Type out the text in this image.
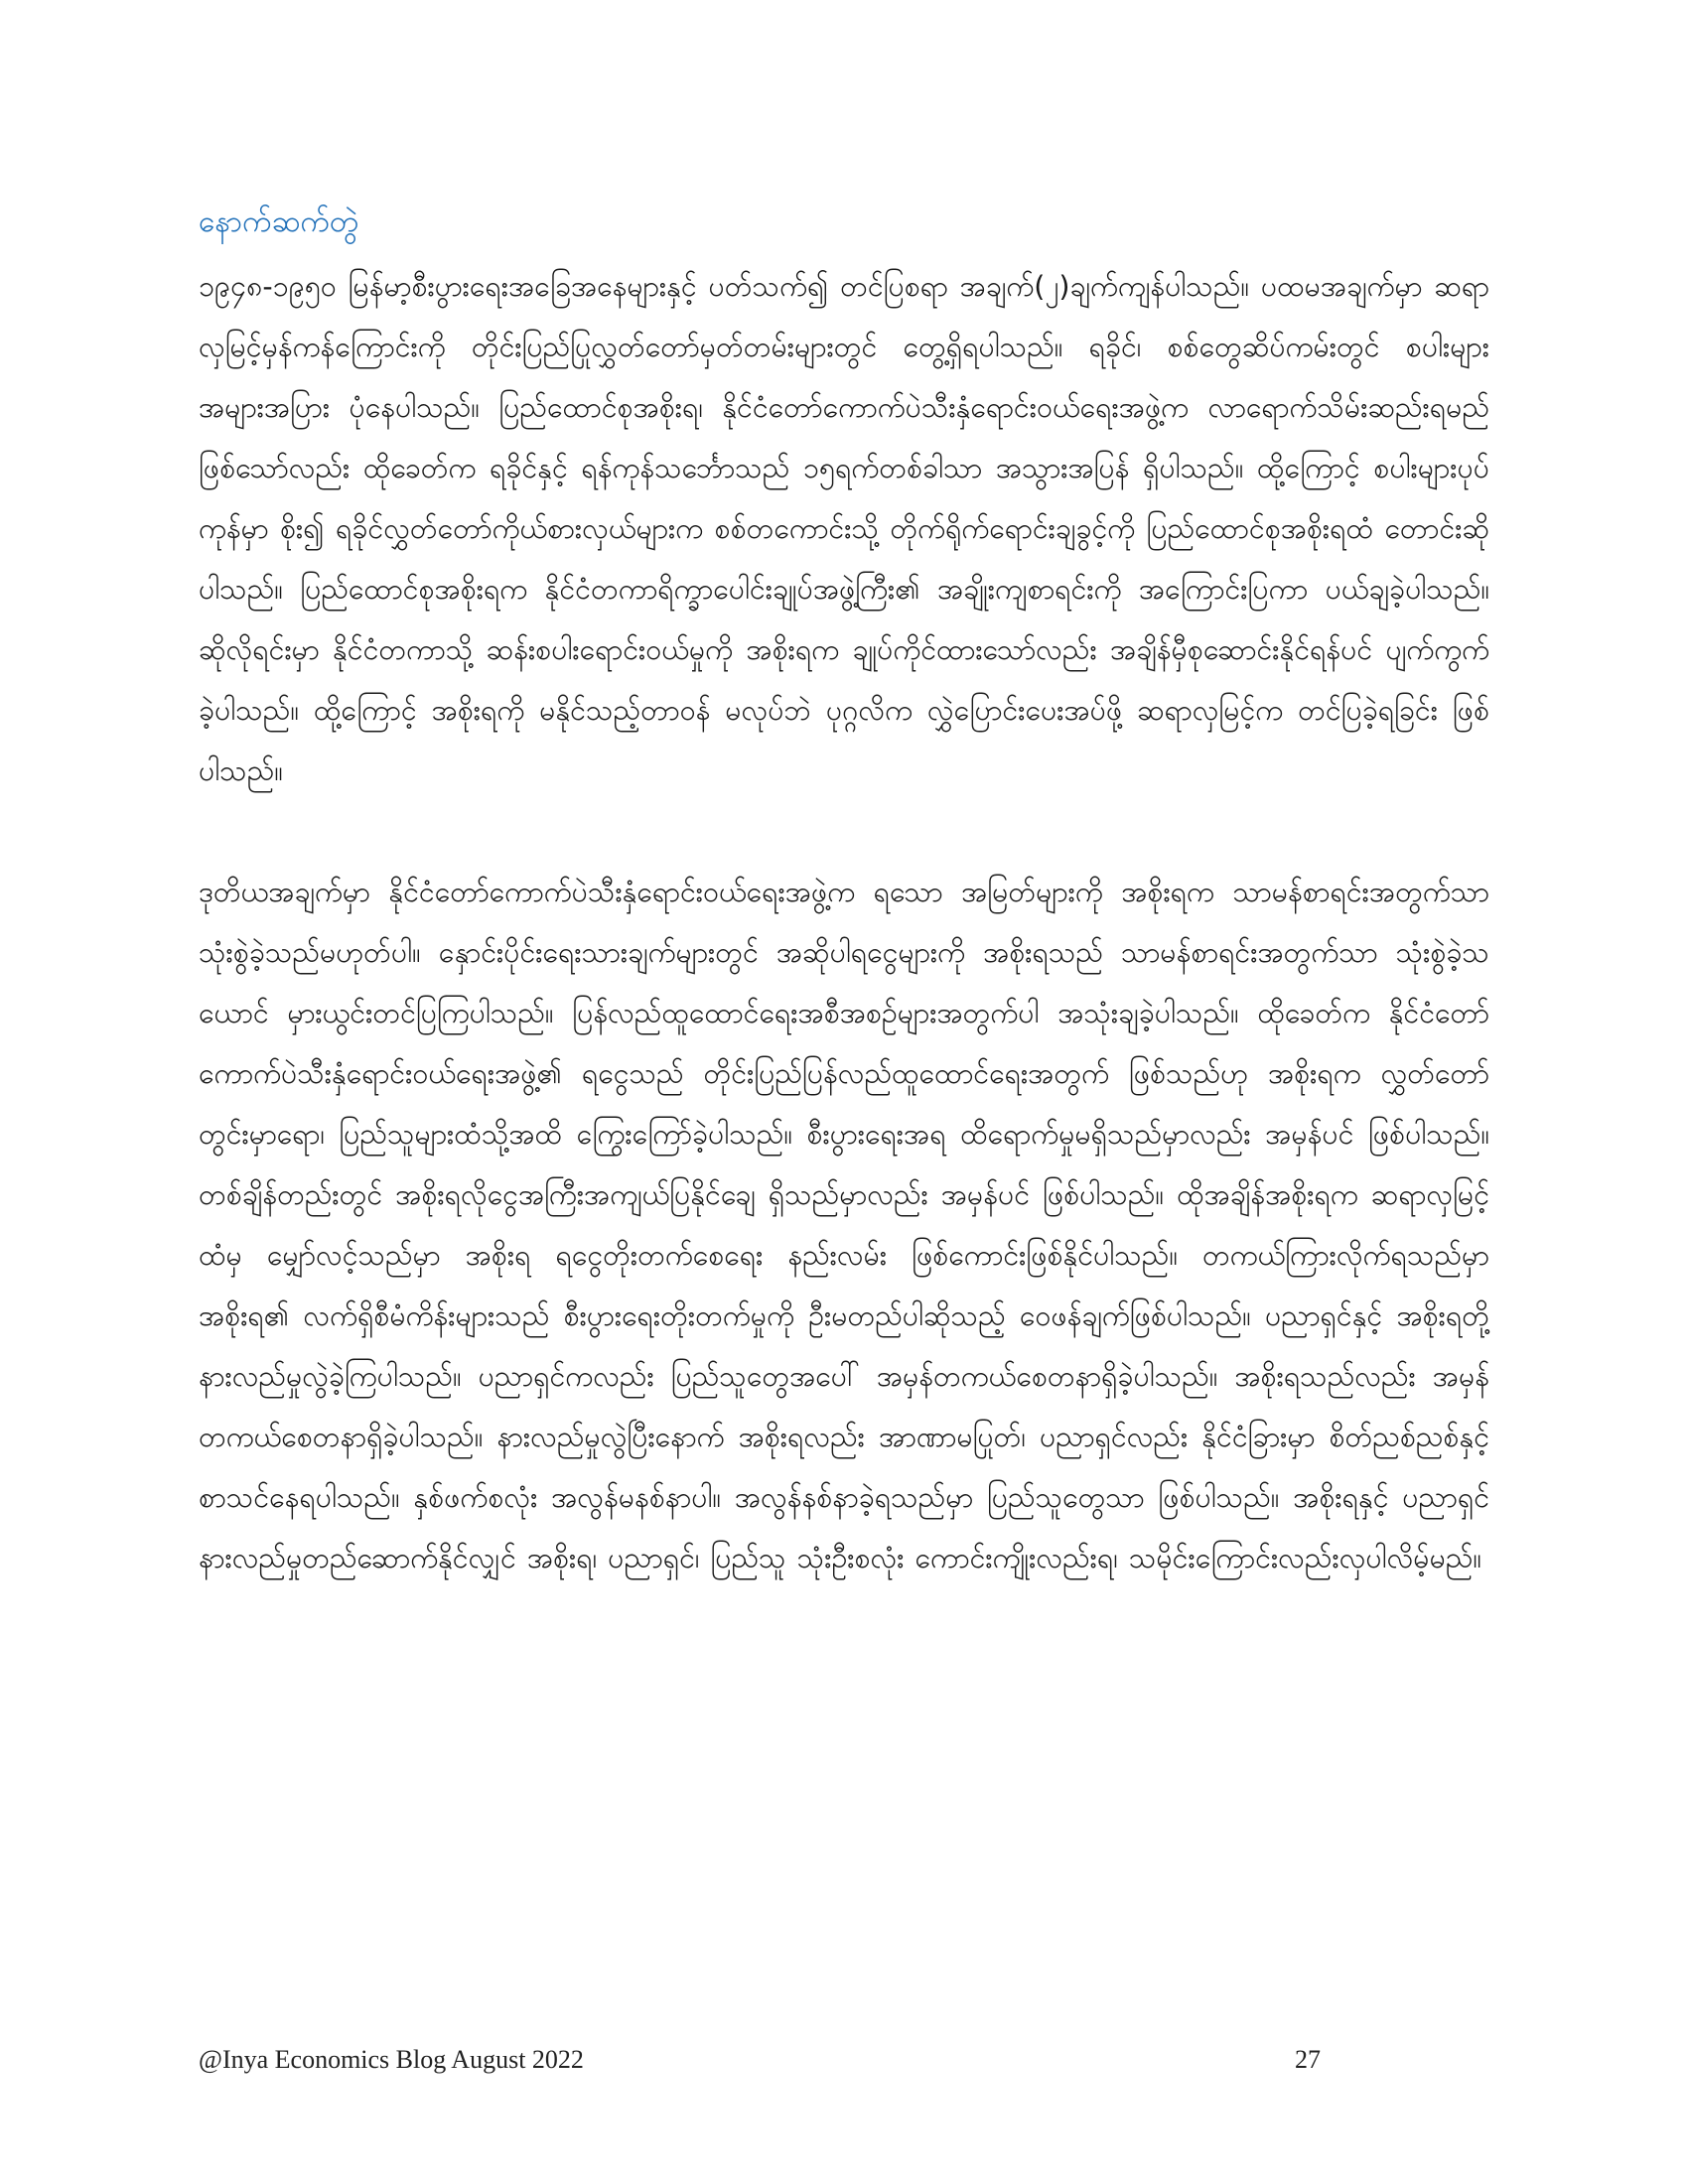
နောက်ဆက်တွဲ

၁၉၄၈-၁၉၅၀ မြန်မာ့စီးပွားရေးအခြေအနေများနှင့် ပတ်သက်၍ တင်ပြစရာ အချက်(၂)ချက်ကျန်ပါသည်။ ပထမအချက်မှာ ဆရာလှမြင့်မှန်ကန်ကြောင်းကို တိုင်းပြည်ပြုလွှတ်တော်မှတ်တမ်းများတွင် တွေ့ရှိရပါသည်။ ရခိုင်၊ စစ်တွေဆိပ်ကမ်းတွင် စပါးများ အများအပြား ပုံနေပါသည်။ ပြည်ထောင်စုအစိုးရ၊ နိုင်ငံတော်ကောက်ပဲသီးနှံရောင်းဝယ်ရေးအဖွဲ့က လာရောက်သိမ်းဆည်းရမည် ဖြစ်သော်လည်း ထိုခေတ်က ရခိုင်နှင့် ရန်ကုန်သင်္ဘောသည် ၁၅ရက်တစ်ခါသာ အသွားအပြန် ရှိပါသည်။ ထို့ကြောင့် စပါးများပုပ်ကုန်မှာ စိုး၍ ရခိုင်လွှတ်တော်ကိုယ်စားလှယ်များက စစ်တကောင်းသို့ တိုက်ရိုက်ရောင်းချခွင့်ကို ပြည်ထောင်စုအစိုးရထံ တောင်းဆိုပါသည်။ ပြည်ထောင်စုအစိုးရက နိုင်ငံတကာရိက္ခာပေါင်းချုပ်အဖွဲ့ကြီး၏ အချိုးကျစာရင်းကို အကြောင်းပြကာ ပယ်ချခဲ့ပါသည်။ ဆိုလိုရင်းမှာ နိုင်ငံတကာသို့ ဆန်းစပါးရောင်းဝယ်မှုကို အစိုးရက ချုပ်ကိုင်ထားသော်လည်း အချိန်မှီစုဆောင်းနိုင်ရန်ပင် ပျက်ကွက်ခဲ့ပါသည်။ ထို့ကြောင့် အစိုးရကို မနိုင်သည့်တာဝန် မလုပ်ဘဲ ပုဂ္ဂလိက လွှဲပြောင်းပေးအပ်ဖို့ ဆရာလှမြင့်က တင်ပြခဲ့ရခြင်း ဖြစ်ပါသည်။

ဒုတိယအချက်မှာ နိုင်ငံတော်ကောက်ပဲသီးနှံရောင်းဝယ်ရေးအဖွဲ့က ရသော အမြတ်များကို အစိုးရက သာမန်စာရင်းအတွက်သာ သုံးစွဲခဲ့သည်မဟုတ်ပါ။ နှောင်းပိုင်းရေးသားချက်များတွင် အဆိုပါရငွေများကို အစိုးရသည် သာမန်စာရင်းအတွက်သာ သုံးစွဲခဲ့သယောင် မှားယွင်းတင်ပြကြပါသည်။ ပြန်လည်ထူထောင်ရေးအစီအစဉ်များအတွက်ပါ အသုံးချခဲ့ပါသည်။ ထိုခေတ်က နိုင်ငံတော်ကောက်ပဲသီးနှံရောင်းဝယ်ရေးအဖွဲ့၏ ရငွေသည် တိုင်းပြည်ပြန်လည်ထူထောင်ရေးအတွက် ဖြစ်သည်ဟု အစိုးရက လွှတ်တော်တွင်းမှာရော၊ ပြည်သူများထံသို့အထိ ကြွေးကြော်ခဲ့ပါသည်။ စီးပွားရေးအရ ထိရောက်မှုမရှိသည်မှာလည်း အမှန်ပင် ဖြစ်ပါသည်။ တစ်ချိန်တည်းတွင် အစိုးရလိုငွေအကြီးအကျယ်ပြနိုင်ချေ ရှိသည်မှာလည်း အမှန်ပင် ဖြစ်ပါသည်။ ထိုအချိန်အစိုးရက ဆရာလှမြင့်ထံမှ မျှော်လင့်သည်မှာ အစိုးရ ရငွေတိုးတက်စေရေး နည်းလမ်း ဖြစ်ကောင်းဖြစ်နိုင်ပါသည်။ တကယ်ကြားလိုက်ရသည်မှာ အစိုးရ၏ လက်ရှိစီမံကိန်းများသည် စီးပွားရေးတိုးတက်မှုကို ဦးမတည်ပါဆိုသည့် ဝေဖန်ချက်ဖြစ်ပါသည်။ ပညာရှင်နှင့် အစိုးရတို့ နားလည်မှုလွဲခဲ့ကြပါသည်။ ပညာရှင်ကလည်း ပြည်သူတွေအပေါ် အမှန်တကယ်စေတနာရှိခဲ့ပါသည်။ အစိုးရသည်လည်း အမှန်တကယ်စေတနာရှိခဲ့ပါသည်။ နားလည်မှုလွဲပြီးနောက် အစိုးရလည်း အာဏာမပြုတ်၊ ပညာရှင်လည်း နိုင်ငံခြားမှာ စိတ်ညစ်ညစ်နှင့် စာသင်နေရပါသည်။ နှစ်ဖက်စလုံး အလွန်မနစ်နာပါ။ အလွန်နစ်နာခဲ့ရသည်မှာ ပြည်သူတွေသာ ဖြစ်ပါသည်။ အစိုးရနှင့် ပညာရှင် နားလည်မှုတည်ဆောက်နိုင်လျှင် အစိုးရ၊ ပညာရှင်၊ ပြည်သူ သုံးဦးစလုံး ကောင်းကျိုးလည်းရ၊ သမိုင်းကြောင်းလည်းလှပါလိမ့်မည်။

@Inya Economics Blog August 2022	27
